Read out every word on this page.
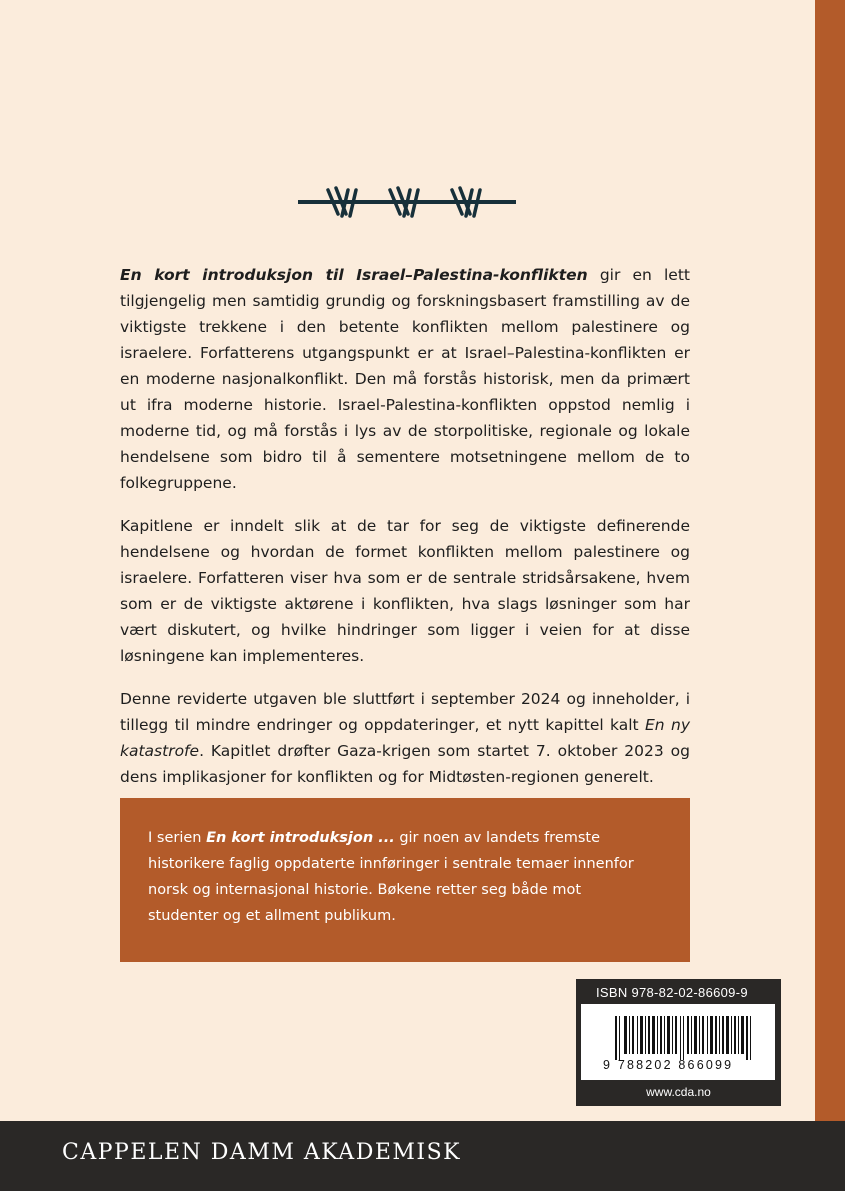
En kort introduksjon til Israel–Palestina-konflikten gir en lett tilgjengelig men samtidig grundig og forskningsbasert framstilling av de viktigste trekkene i den betente konflikten mellom palestinere og israelere. Forfatterens utgangspunkt er at Israel–Palestina-konflikten er en moderne nasjonalkonflikt. Den må forstås historisk, men da primært ut ifra moderne historie. Israel-Palestina-konflikten oppstod nemlig i moderne tid, og må forstås i lys av de storpolitiske, regionale og lokale hendelsene som bidro til å sementere motsetningene mellom de to folkegruppene.

Kapitlene er inndelt slik at de tar for seg de viktigste definerende hendelsene og hvordan de formet konflikten mellom palestinere og israelere. Forfatteren viser hva som er de sentrale stridsårsakene, hvem som er de viktigste aktørene i konflikten, hva slags løsninger som har vært diskutert, og hvilke hindringer som ligger i veien for at disse løsningene kan implementeres.

Denne reviderte utgaven ble sluttført i september 2024 og inneholder, i tillegg til mindre endringer og oppdateringer, et nytt kapittel kalt En ny katastrofe. Kapitlet drøfter Gaza-krigen som startet 7. oktober 2023 og dens implikasjoner for konflikten og for Midtøsten-regionen generelt.

I serien En kort introduksjon ... gir noen av landets fremste historikere faglig oppdaterte innføringer i sentrale temaer innenfor norsk og internasjonal historie. Bøkene retter seg både mot studenter og et allment publikum.
ISBN 978-82-02-86609-9
9 788202 866099
www.cda.no
CAPPELEN DAMM AKADEMISK
